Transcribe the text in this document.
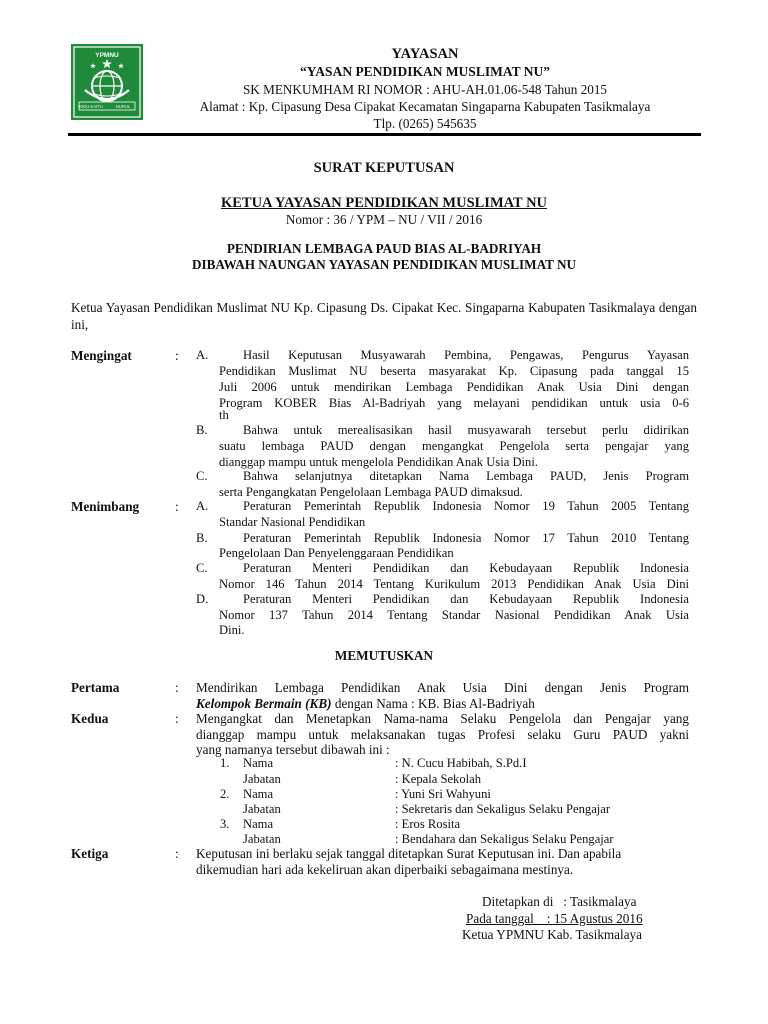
YPMNU
KIDU KAITU	NURUL
YAYASAN
“YASAN PENDIDIKAN MUSLIMAT NU”
SK MENKUMHAM RI NOMOR : AHU-AH.01.06-548 Tahun 2015
Alamat : Kp. Cipasung Desa Cipakat Kecamatan Singaparna Kabupaten Tasikmalaya
Tlp. (0265) 545635
SURAT KEPUTUSAN
KETUA YAYASAN PENDIDIKAN MUSLIMAT NU
Nomor : 36 / YPM – NU / VII / 2016
PENDIRIAN LEMBAGA PAUD BIAS AL-BADRIYAH
DIBAWAH NAUNGAN YAYASAN PENDIDIKAN MUSLIMAT NU
Ketua Yayasan Pendidikan Muslimat NU Kp. Cipasung Ds. Cipakat Kec. Singaparna Kabupaten Tasikmalaya dengan ini,
Mengingat	: A.	Hasil Keputusan Musyawarah Pembina, Pengawas, Pengurus Yayasan
Pendidikan Muslimat NU beserta masyarakat Kp. Cipasung pada tanggal 15
Juli 2006 untuk mendirikan Lembaga Pendidikan Anak Usia Dini dengan
Program KOBER Bias Al-Badriyah yang melayani pendidikan untuk usia 0-6
th
B.	Bahwa untuk merealisasikan hasil musyawarah tersebut perlu didirikan
suatu lembaga PAUD dengan mengangkat Pengelola serta pengajar yang
dianggap mampu untuk mengelola Pendidikan Anak Usia Dini.
C.	Bahwa selanjutnya ditetapkan Nama Lembaga PAUD, Jenis Program
serta Pengangkatan Pengelolaan Lembaga PAUD dimaksud.
Menimbang	: A.	Peraturan Pemerintah Republik Indonesia Nomor 19 Tahun 2005 Tentang
Standar Nasional Pendidikan
B.	Peraturan Pemerintah Republik Indonesia Nomor 17 Tahun 2010 Tentang
Pengelolaan Dan Penyelenggaraan Pendidikan
C.	Peraturan Menteri Pendidikan dan Kebudayaan Republik Indonesia
Nomor 146 Tahun 2014 Tentang Kurikulum 2013 Pendidikan Anak Usia Dini
D.	Peraturan Menteri Pendidikan dan Kebudayaan Republik Indonesia
Nomor 137 Tahun 2014 Tentang Standar Nasional Pendidikan Anak Usia
Dini.
MEMUTUSKAN
Pertama	: Mendirikan Lembaga Pendidikan Anak Usia Dini dengan Jenis Program
Kelompok Bermain (KB) dengan Nama : KB. Bias Al-Badriyah
Kedua	: Mengangkat dan Menetapkan Nama-nama Selaku Pengelola dan Pengajar yang
dianggap mampu untuk melaksanakan tugas Profesi selaku Guru PAUD yakni
yang namanya tersebut dibawah ini :
1. Nama	: N. Cucu Habibah, S.Pd.I
Jabatan	: Kepala Sekolah
2. Nama	: Yuni Sri Wahyuni
Jabatan	: Sekretaris dan Sekaligus Selaku Pengajar
3. Nama	: Eros Rosita
Jabatan	: Bendahara dan Sekaligus Selaku Pengajar
Ketiga	: Keputusan ini berlaku sejak tanggal ditetapkan Surat Keputusan ini. Dan apabila
dikemudian hari ada kekeliruan akan diperbaiki sebagaimana mestinya.
Ditetapkan di   : Tasikmalaya
Pada tanggal    : 15 Agustus 2016
Ketua YPMNU Kab. Tasikmalaya
